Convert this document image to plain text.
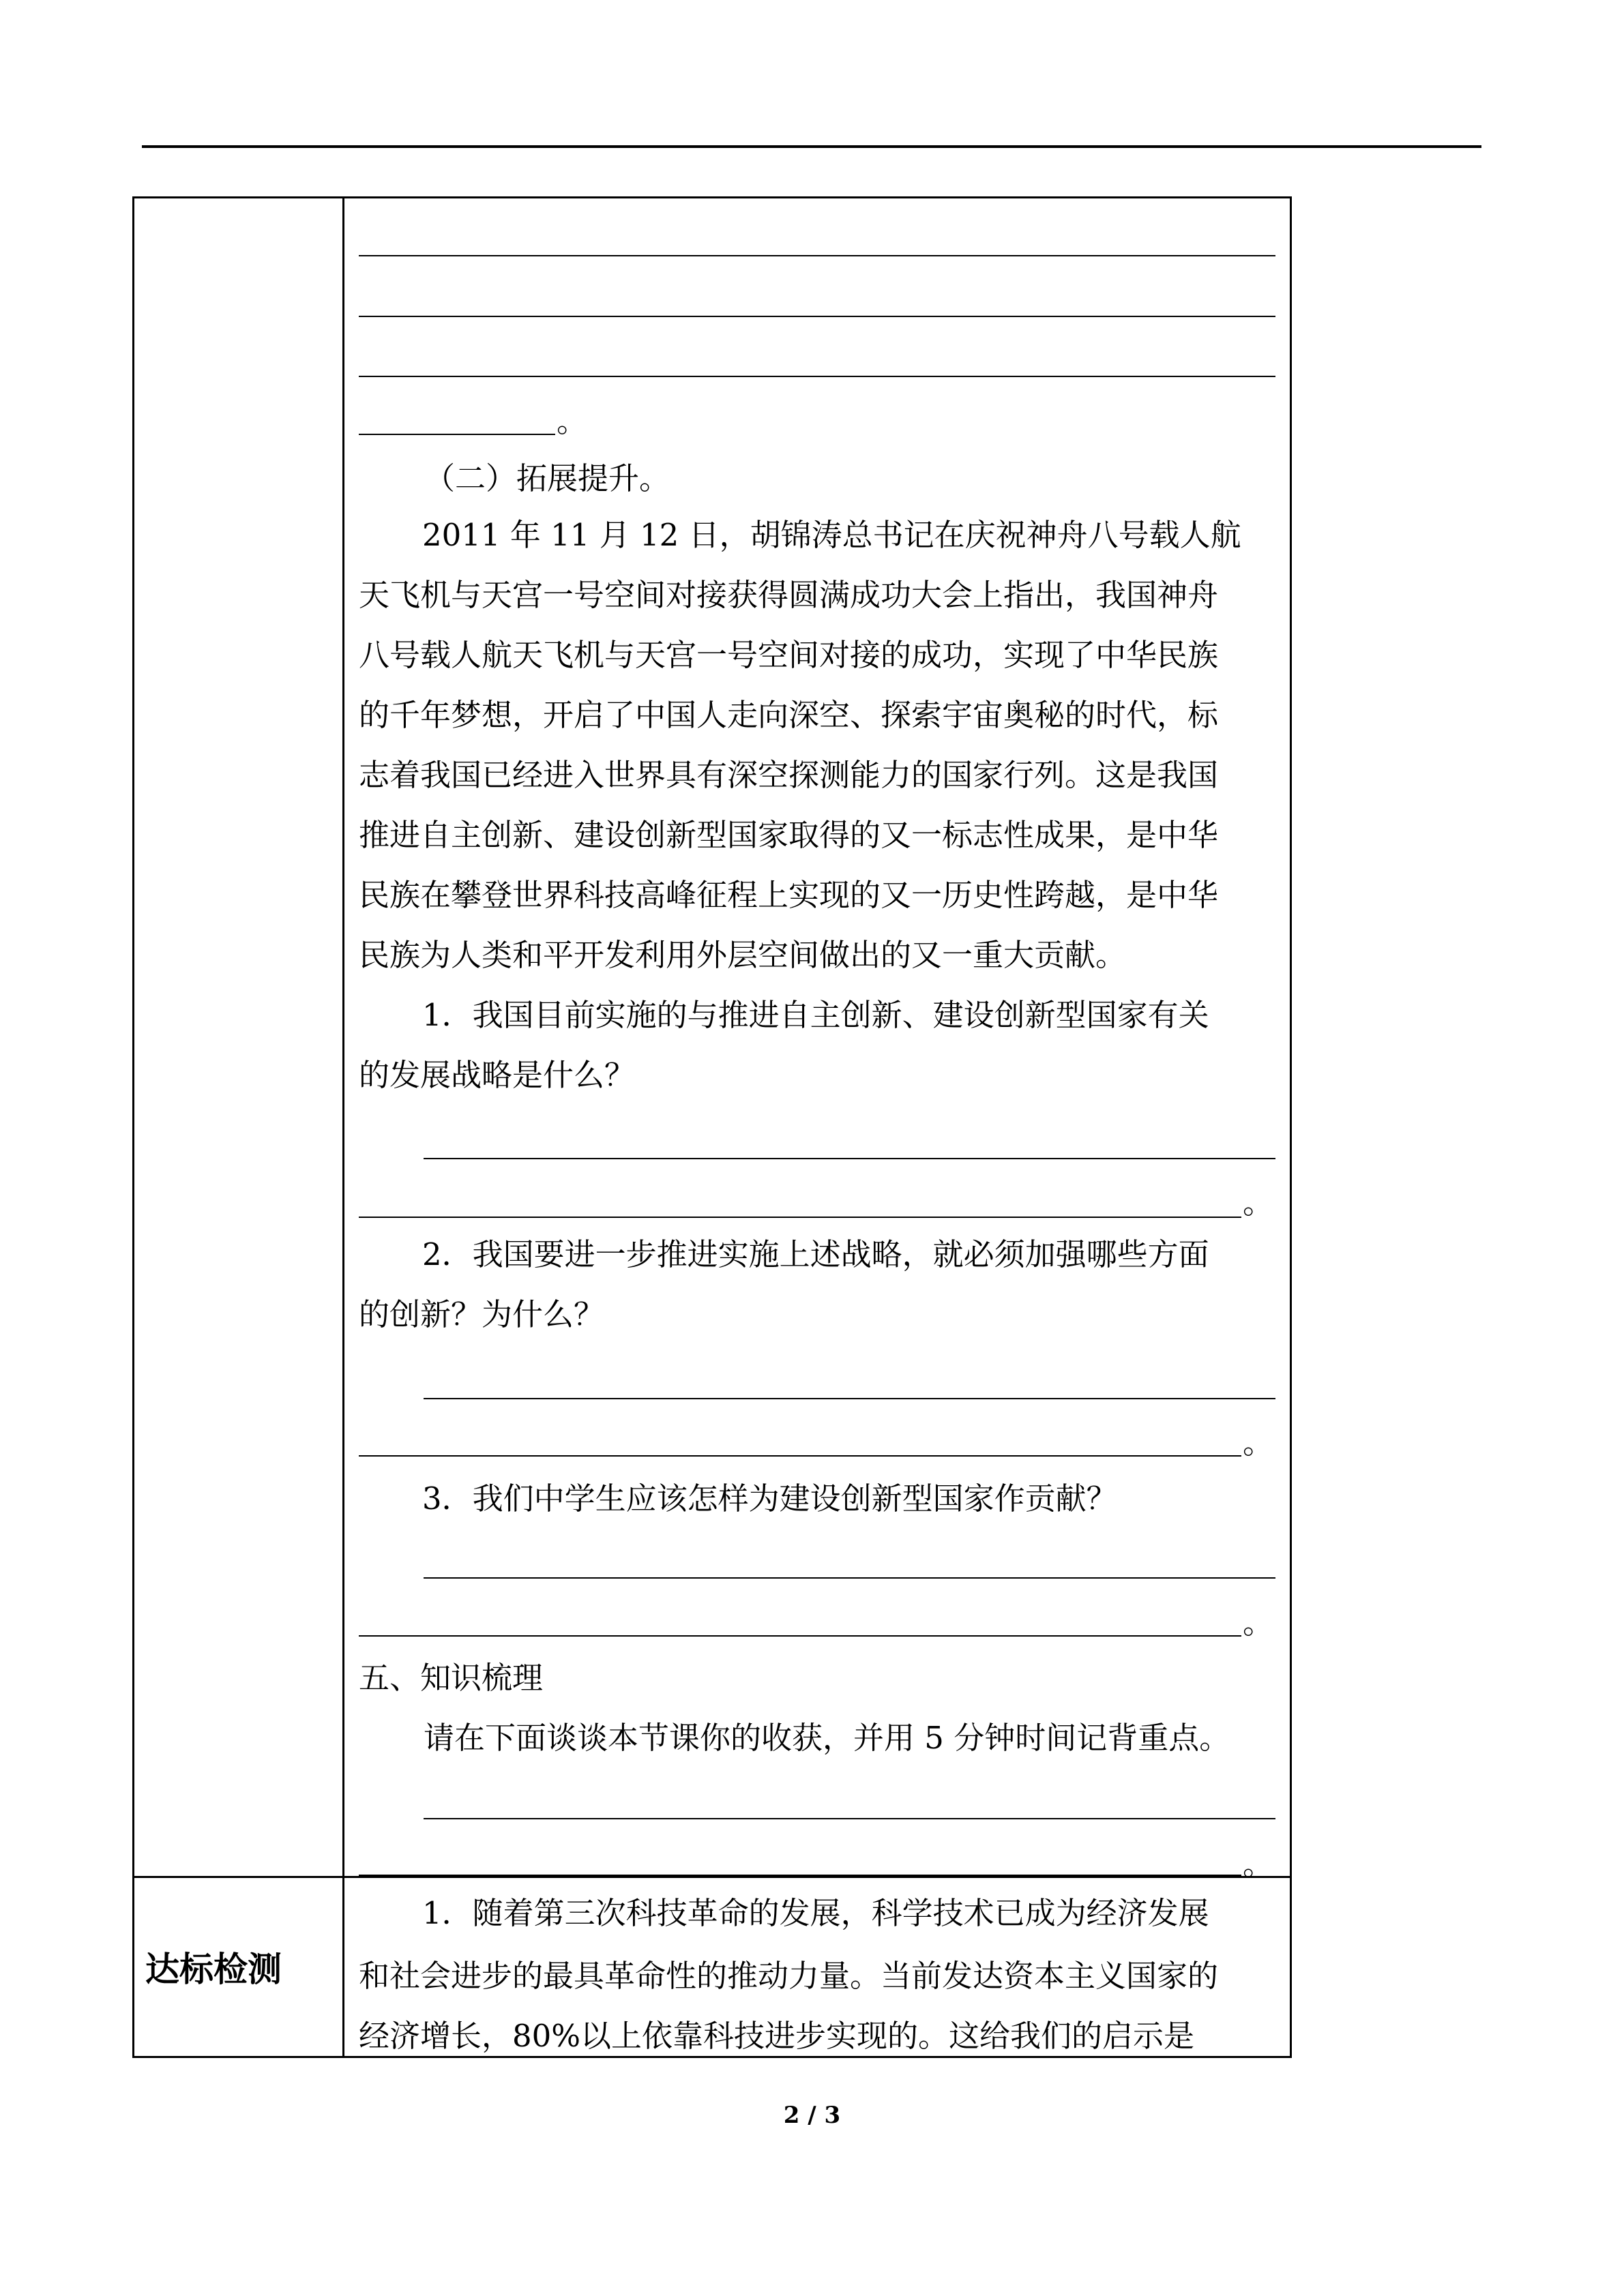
。
（二）拓展提升。
2011 年 11 月 12 日，胡锦涛总书记在庆祝神舟八号载人航
天飞机与天宫一号空间对接获得圆满成功大会上指出，我国神舟
八号载人航天飞机与天宫一号空间对接的成功，实现了中华民族
的千年梦想，开启了中国人走向深空、探索宇宙奥秘的时代，标
志着我国已经进入世界具有深空探测能力的国家行列。这是我国
推进自主创新、建设创新型国家取得的又一标志性成果，是中华
民族在攀登世界科技高峰征程上实现的又一历史性跨越，是中华
民族为人类和平开发利用外层空间做出的又一重大贡献。
1．我国目前实施的与推进自主创新、建设创新型国家有关
的发展战略是什么？
。
2．我国要进一步推进实施上述战略，就必须加强哪些方面
的创新？为什么？
。
3．我们中学生应该怎样为建设创新型国家作贡献？
。
五、知识梳理
请在下面谈谈本节课你的收获，并用 5 分钟时间记背重点。
。
达标检测
1．随着第三次科技革命的发展，科学技术已成为经济发展
和社会进步的最具革命性的推动力量。当前发达资本主义国家的
经济增长，80%以上依靠科技进步实现的。这给我们的启示是
2 / 3
